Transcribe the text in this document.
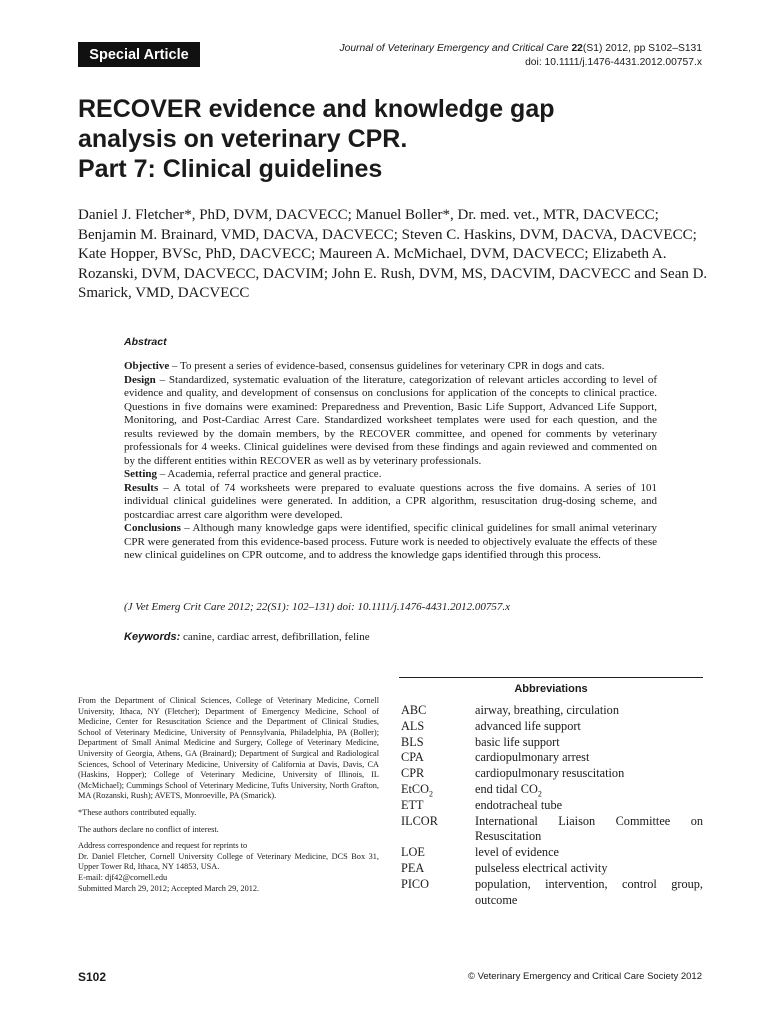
Special Article	Journal of Veterinary Emergency and Critical Care 22(S1) 2012, pp S102–S131
doi: 10.1111/j.1476-4431.2012.00757.x
RECOVER evidence and knowledge gap
analysis on veterinary CPR.
Part 7: Clinical guidelines

Daniel J. Fletcher*, PhD, DVM, DACVECC; Manuel Boller*, Dr. med. vet., MTR, DACVECC; Benjamin M. Brainard, VMD, DACVA, DACVECC; Steven C. Haskins, DVM, DACVA, DACVECC; Kate Hopper, BVSc, PhD, DACVECC; Maureen A. McMichael, DVM, DACVECC; Elizabeth A. Rozanski, DVM, DACVECC, DACVIM; John E. Rush, DVM, MS, DACVIM, DACVECC and Sean D. Smarick, VMD, DACVECC

Abstract

Objective – To present a series of evidence-based, consensus guidelines for veterinary CPR in dogs and cats.

Design – Standardized, systematic evaluation of the literature, categorization of relevant articles according to level of evidence and quality, and development of consensus on conclusions for application of the concepts to clinical practice. Questions in five domains were examined: Preparedness and Prevention, Basic Life Support, Advanced Life Support, Monitoring, and Post-Cardiac Arrest Care. Standardized worksheet templates were used for each question, and the results reviewed by the domain members, by the RECOVER committee, and opened for comments by veterinary professionals for 4 weeks. Clinical guidelines were devised from these findings and again reviewed and commented on by the different entities within RECOVER as well as by veterinary professionals.

Setting – Academia, referral practice and general practice.

Results – A total of 74 worksheets were prepared to evaluate questions across the five domains. A series of 101 individual clinical guidelines were generated. In addition, a CPR algorithm, resuscitation drug-dosing scheme, and postcardiac arrest care algorithm were developed.

Conclusions – Although many knowledge gaps were identified, specific clinical guidelines for small animal veterinary CPR were generated from this evidence-based process. Future work is needed to objectively evaluate the effects of these new clinical guidelines on CPR outcome, and to address the knowledge gaps identified through this process.

(J Vet Emerg Crit Care 2012; 22(S1): 102–131) doi: 10.1111/j.1476-4431.2012.00757.x
Keywords: canine, cardiac arrest, defibrillation, feline

From the Department of Clinical Sciences, College of Veterinary Medicine, Cornell University, Ithaca, NY (Fletcher); Department of Emergency Medicine, School of Medicine, Center for Resuscitation Science and the Department of Clinical Studies, School of Veterinary Medicine, University of Pennsylvania, Philadelphia, PA (Boller); Department of Small Animal Medicine and Surgery, College of Veterinary Medicine, University of Georgia, Athens, GA (Brainard); Department of Surgical and Radiological Sciences, School of Veterinary Medicine, University of California at Davis, Davis, CA (Haskins, Hopper); College of Veterinary Medicine, University of Illinois, IL (McMichael); Cummings School of Veterinary Medicine, Tufts University, North Grafton, MA (Rozanski, Rush); AVETS, Monroeville, PA (Smarick).

*These authors contributed equally.

The authors declare no conflict of interest.

Address correspondence and request for reprints to

Dr. Daniel Fletcher, Cornell University College of Veterinary Medicine, DCS Box 31, Upper Tower Rd, Ithaca, NY 14853, USA.

E-mail: djf42@cornell.edu

Submitted March 29, 2012; Accepted March 29, 2012.

Abbreviations
ABC	airway, breathing, circulation
ALS	advanced life support
BLS	basic life support
CPA	cardiopulmonary arrest
CPR	cardiopulmonary resuscitation
EtCO$_2$	end tidal $CO_2$
ETT	endotracheal tube
ILCOR	International Liaison Committee on Resuscitation
LOE	level of evidence
PEA	pulseless electrical activity
PICO	population, intervention, control group, outcome
S102	© Veterinary Emergency and Critical Care Society 2012
